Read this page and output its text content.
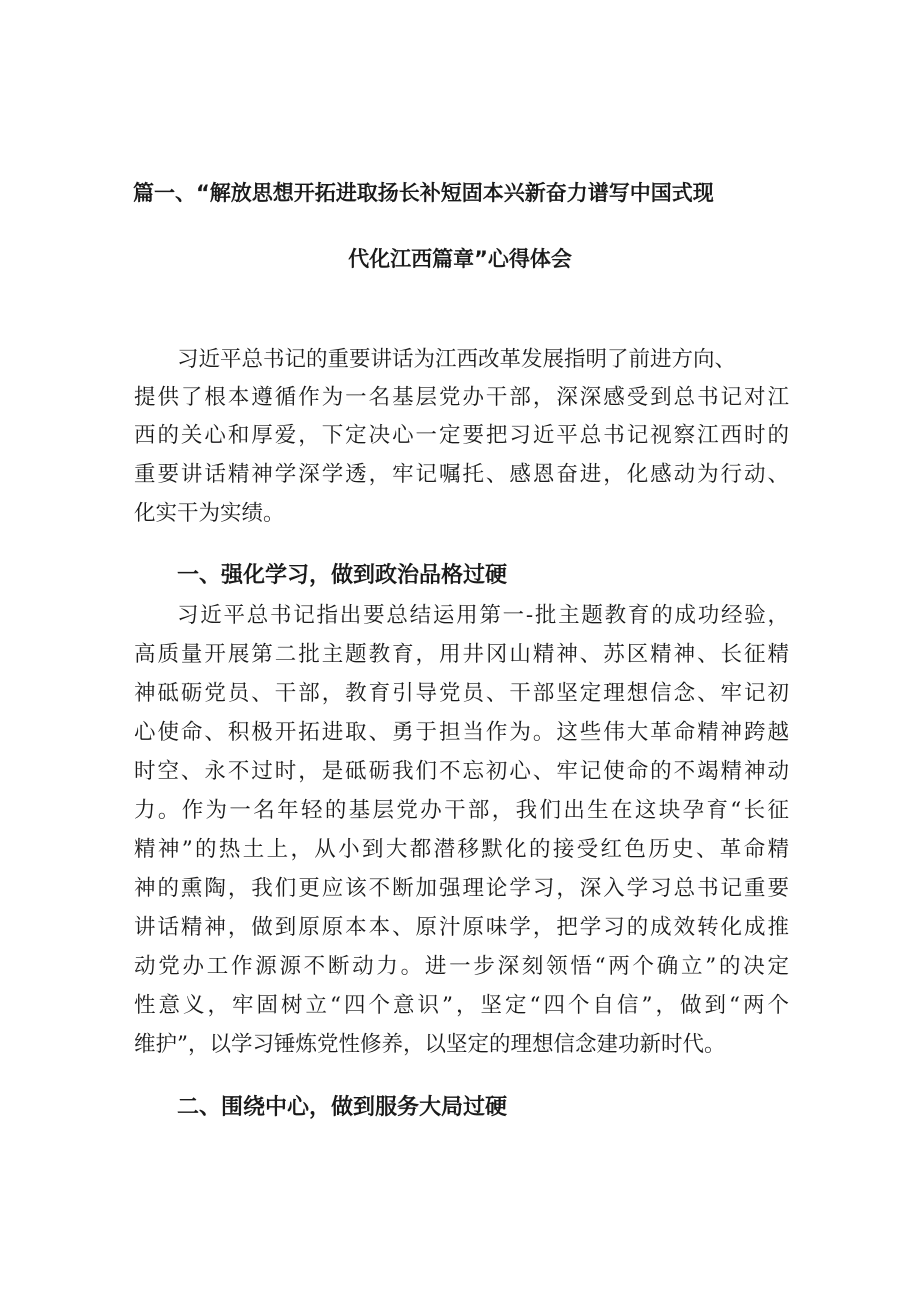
篇一、“解放思想开拓进取扬长补短固本兴新奋力谱写中国式现
代化江西篇章”心得体会
习近平总书记的重要讲话为江西改革发展指明了前进方向、
提供了根本遵循作为一名基层党办干部，深深感受到总书记对江
西的关心和厚爱，下定决心一定要把习近平总书记视察江西时的
重要讲话精神学深学透，牢记嘱托、感恩奋进，化感动为行动、
化实干为实绩。
一、强化学习，做到政治品格过硬
习近平总书记指出要总结运用第一-批主题教育的成功经验，
高质量开展第二批主题教育，用井冈山精神、苏区精神、长征精
神砥砺党员、干部，教育引导党员、干部坚定理想信念、牢记初
心使命、积极开拓进取、勇于担当作为。这些伟大革命精神跨越
时空、永不过时，是砥砺我们不忘初心、牢记使命的不竭精神动
力。作为一名年轻的基层党办干部，我们出生在这块孕育“长征
精神”的热土上，从小到大都潜移默化的接受红色历史、革命精
神的熏陶，我们更应该不断加强理论学习，深入学习总书记重要
讲话精神，做到原原本本、原汁原味学，把学习的成效转化成推
动党办工作源源不断动力。进一步深刻领悟“两个确立”的决定
性意义，牢固树立“四个意识”，坚定“四个自信”，做到“两个
维护”，以学习锤炼党性修养，以坚定的理想信念建功新时代。
二、围绕中心，做到服务大局过硬
